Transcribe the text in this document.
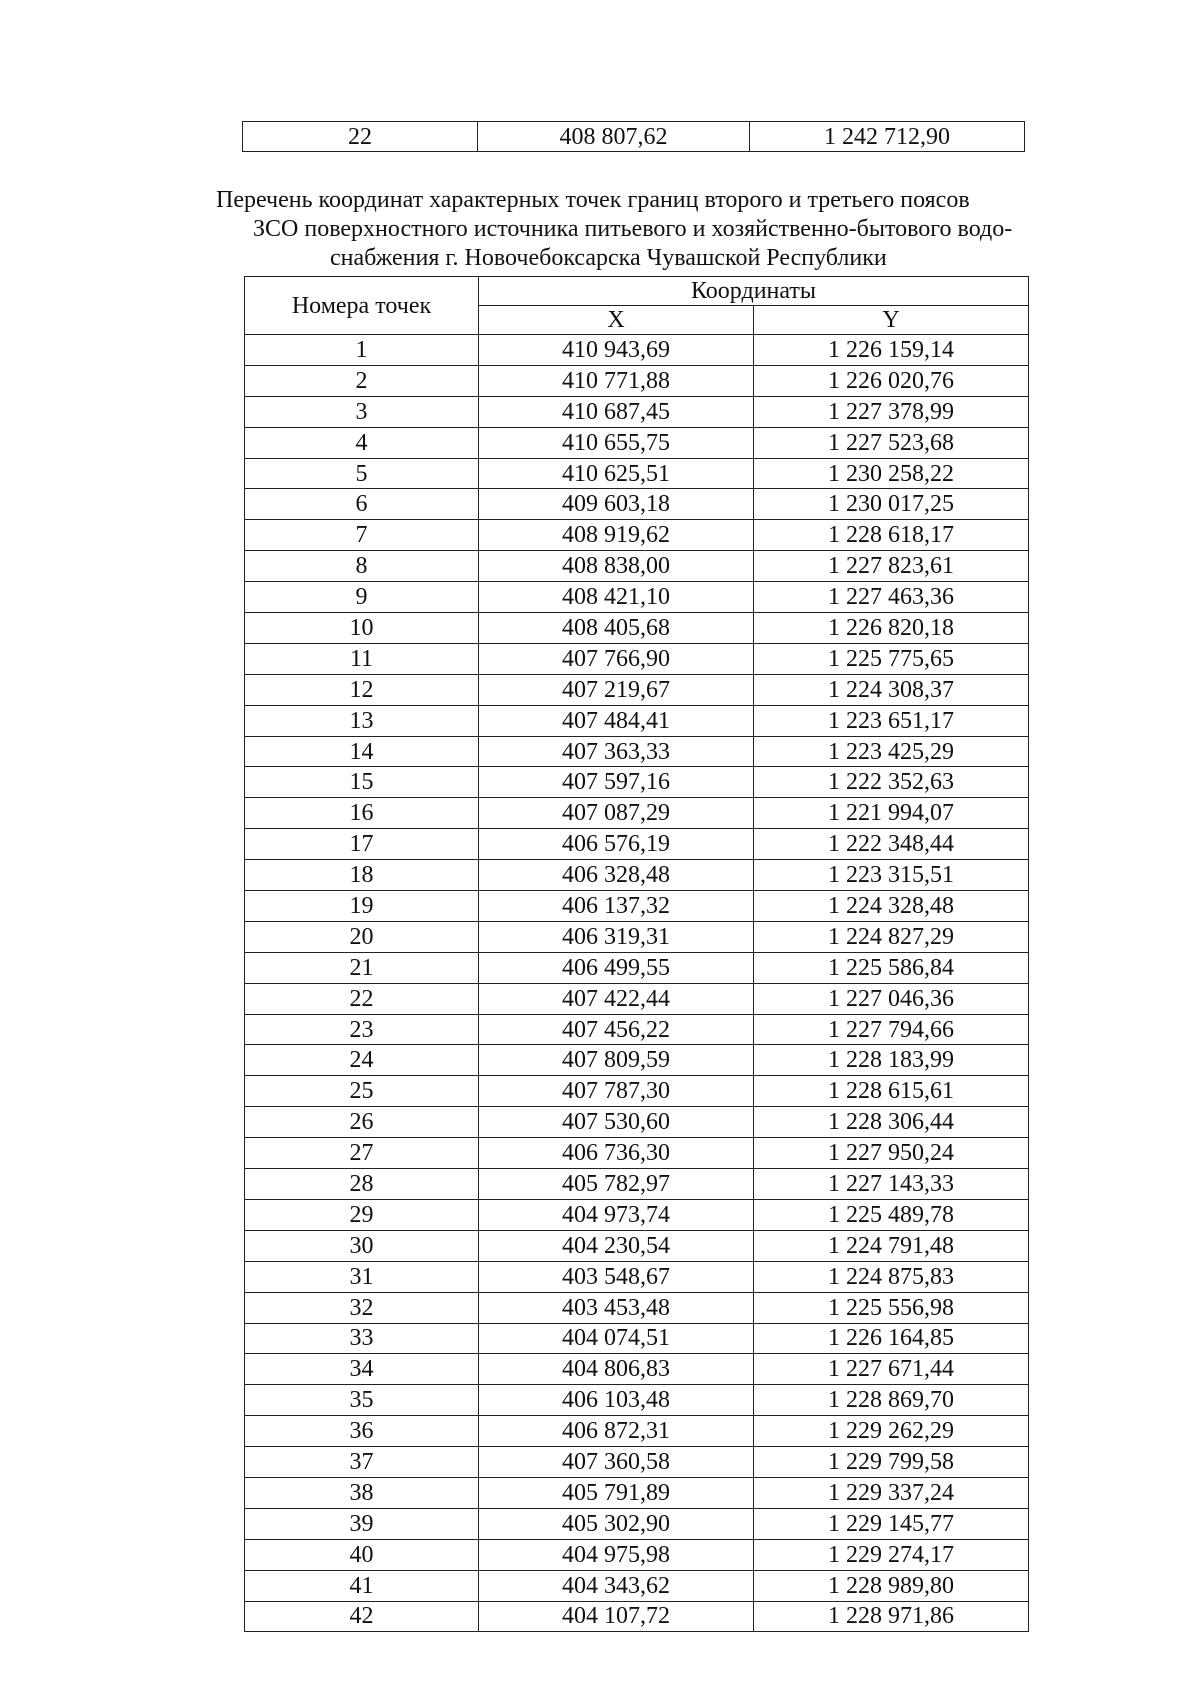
22	408 807,62	1 242 712,90
Перечень координат характерных точек границ второго и третьего поясов
ЗСО поверхностного источника питьевого и хозяйственно-бытового водо-
снабжения г. Новочебоксарска Чувашской Республики
Номера точек	Координаты	
	X	Y
1	410 943,69	1 226 159,14
2	410 771,88	1 226 020,76
3	410 687,45	1 227 378,99
4	410 655,75	1 227 523,68
5	410 625,51	1 230 258,22
6	409 603,18	1 230 017,25
7	408 919,62	1 228 618,17
8	408 838,00	1 227 823,61
9	408 421,10	1 227 463,36
10	408 405,68	1 226 820,18
11	407 766,90	1 225 775,65
12	407 219,67	1 224 308,37
13	407 484,41	1 223 651,17
14	407 363,33	1 223 425,29
15	407 597,16	1 222 352,63
16	407 087,29	1 221 994,07
17	406 576,19	1 222 348,44
18	406 328,48	1 223 315,51
19	406 137,32	1 224 328,48
20	406 319,31	1 224 827,29
21	406 499,55	1 225 586,84
22	407 422,44	1 227 046,36
23	407 456,22	1 227 794,66
24	407 809,59	1 228 183,99
25	407 787,30	1 228 615,61
26	407 530,60	1 228 306,44
27	406 736,30	1 227 950,24
28	405 782,97	1 227 143,33
29	404 973,74	1 225 489,78
30	404 230,54	1 224 791,48
31	403 548,67	1 224 875,83
32	403 453,48	1 225 556,98
33	404 074,51	1 226 164,85
34	404 806,83	1 227 671,44
35	406 103,48	1 228 869,70
36	406 872,31	1 229 262,29
37	407 360,58	1 229 799,58
38	405 791,89	1 229 337,24
39	405 302,90	1 229 145,77
40	404 975,98	1 229 274,17
41	404 343,62	1 228 989,80
42	404 107,72	1 228 971,86
